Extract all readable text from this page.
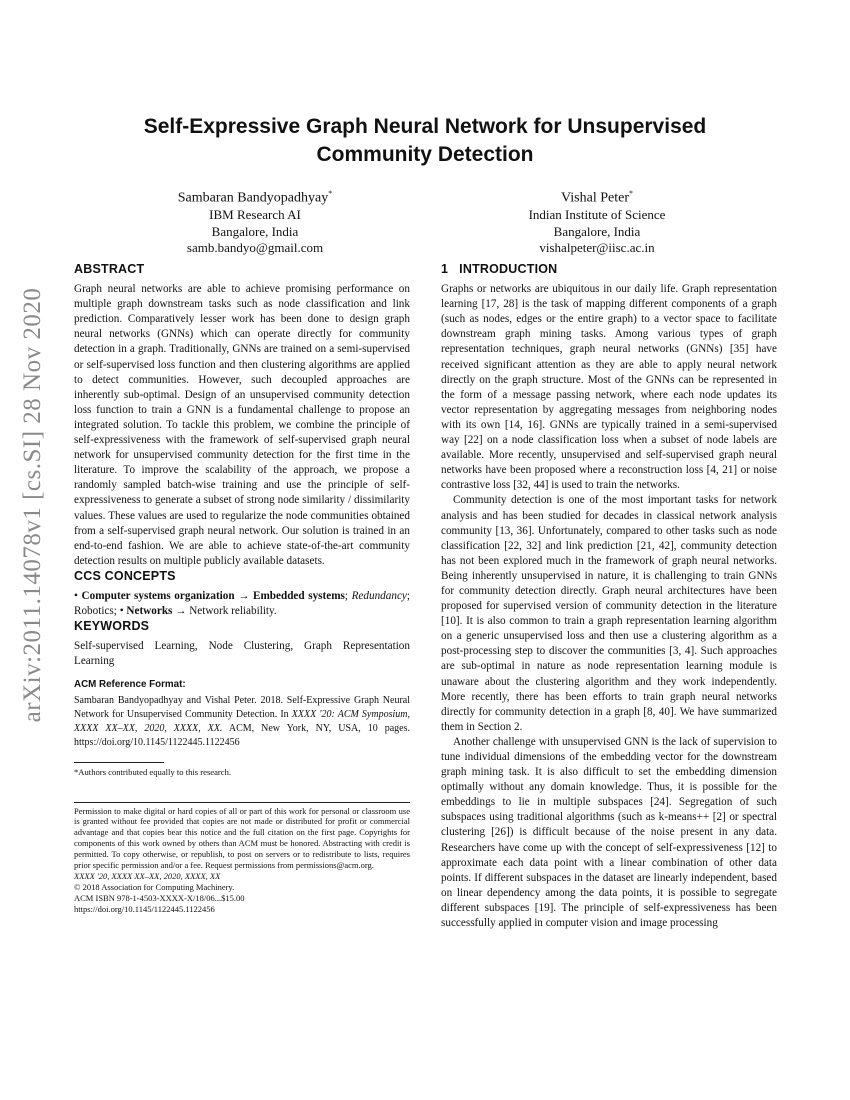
arXiv:2011.14078v1 [cs.SI] 28 Nov 2020
Self-Expressive Graph Neural Network for Unsupervised
Community Detection
Sambaran Bandyopadhyay*
IBM Research AI
Bangalore, India
samb.bandyo@gmail.com
Vishal Peter*
Indian Institute of Science
Bangalore, India
vishalpeter@iisc.ac.in
ABSTRACT

Graph neural networks are able to achieve promising performance on multiple graph downstream tasks such as node classification and link prediction. Comparatively lesser work has been done to design graph neural networks (GNNs) which can operate directly for community detection in a graph. Traditionally, GNNs are trained on a semi-supervised or self-supervised loss function and then clustering algorithms are applied to detect communities. However, such decoupled approaches are inherently sub-optimal. Design of an unsupervised community detection loss function to train a GNN is a fundamental challenge to propose an integrated solution. To tackle this problem, we combine the principle of self-expressiveness with the framework of self-supervised graph neural network for unsupervised community detection for the first time in the literature. To improve the scalability of the approach, we propose a randomly sampled batch-wise training and use the principle of self-expressiveness to generate a subset of strong node similarity / dissimilarity values. These values are used to regularize the node communities obtained from a self-supervised graph neural network. Our solution is trained in an end-to-end fashion. We are able to achieve state-of-the-art community detection results on multiple publicly available datasets.

CCS CONCEPTS

• Computer systems organization → Embedded systems; Redundancy; Robotics; • Networks → Network reliability.

KEYWORDS

Self-supervised Learning, Node Clustering, Graph Representation Learning

ACM Reference Format:

Sambaran Bandyopadhyay and Vishal Peter. 2018. Self-Expressive Graph Neural Network for Unsupervised Community Detection. In XXXX '20: ACM Symposium, XXXX XX–XX, 2020, XXXX, XX. ACM, New York, NY, USA, 10 pages. https://doi.org/10.1145/1122445.1122456

*Authors contributed equally to this research.
Permission to make digital or hard copies of all or part of this work for personal or classroom use is granted without fee provided that copies are not made or distributed for profit or commercial advantage and that copies bear this notice and the full citation on the first page. Copyrights for components of this work owned by others than ACM must be honored. Abstracting with credit is permitted. To copy otherwise, or republish, to post on servers or to redistribute to lists, requires prior specific permission and/or a fee. Request permissions from permissions@acm.org.
XXXX '20, XXXX XX–XX, 2020, XXXX, XX
© 2018 Association for Computing Machinery.
ACM ISBN 978-1-4503-XXXX-X/18/06...$15.00
https://doi.org/10.1145/1122445.1122456
1   INTRODUCTION

Graphs or networks are ubiquitous in our daily life. Graph representation learning [17, 28] is the task of mapping different components of a graph (such as nodes, edges or the entire graph) to a vector space to facilitate downstream graph mining tasks. Among various types of graph representation techniques, graph neural networks (GNNs) [35] have received significant attention as they are able to apply neural network directly on the graph structure. Most of the GNNs can be represented in the form of a message passing network, where each node updates its vector representation by aggregating messages from neighboring nodes with its own [14, 16]. GNNs are typically trained in a semi-supervised way [22] on a node classification loss when a subset of node labels are available. More recently, unsupervised and self-supervised graph neural networks have been proposed where a reconstruction loss [4, 21] or noise contrastive loss [32, 44] is used to train the networks.

Community detection is one of the most important tasks for network analysis and has been studied for decades in classical network analysis community [13, 36]. Unfortunately, compared to other tasks such as node classification [22, 32] and link prediction [21, 42], community detection has not been explored much in the framework of graph neural networks. Being inherently unsupervised in nature, it is challenging to train GNNs for community detection directly. Graph neural architectures have been proposed for supervised version of community detection in the literature [10]. It is also common to train a graph representation learning algorithm on a generic unsupervised loss and then use a clustering algorithm as a post-processing step to discover the communities [3, 4]. Such approaches are sub-optimal in nature as node representation learning module is unaware about the clustering algorithm and they work independently. More recently, there has been efforts to train graph neural networks directly for community detection in a graph [8, 40]. We have summarized them in Section 2.

Another challenge with unsupervised GNN is the lack of supervision to tune individual dimensions of the embedding vector for the downstream graph mining task. It is also difficult to set the embedding dimension optimally without any domain knowledge. Thus, it is possible for the embeddings to lie in multiple subspaces [24]. Segregation of such subspaces using traditional algorithms (such as k-means++ [2] or spectral clustering [26]) is difficult because of the noise present in any data. Researchers have come up with the concept of self-expressiveness [12] to approximate each data point with a linear combination of other data points. If different subspaces in the dataset are linearly independent, based on linear dependency among the data points, it is possible to segregate different subspaces [19]. The principle of self-expressiveness has been successfully applied in computer vision and image processing
